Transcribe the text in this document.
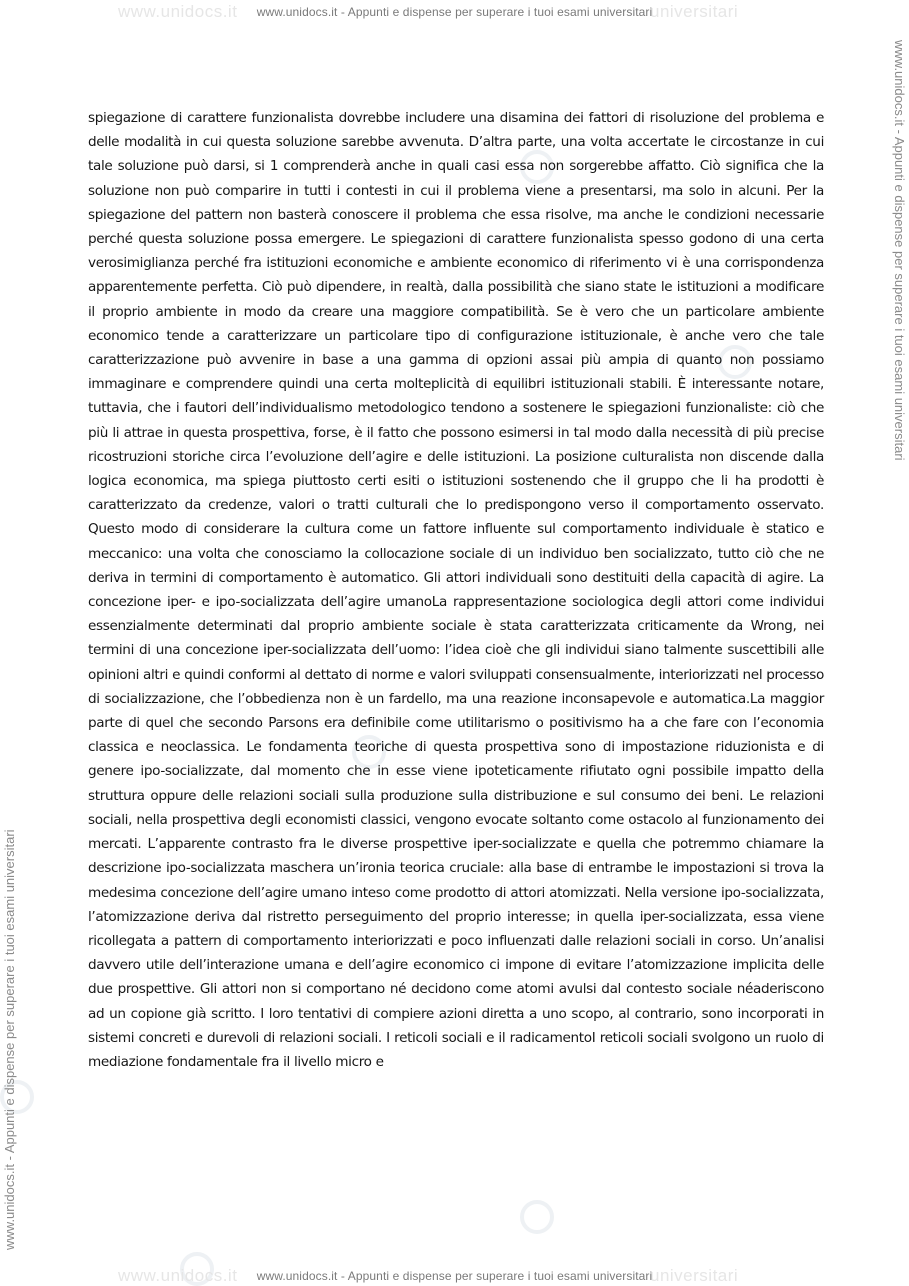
www.unidocs.it	universitari
www.unidocs.it - Appunti e dispense per superare i tuoi esami universitari
www.unidocs.it - Appunti e dispense per superare i tuoi esami universitari
www.unidocs.it - Appunti e dispense per superare i tuoi esami universitari

spiegazione di carattere funzionalista dovrebbe includere una disamina dei fattori di risoluzione del problema e delle modalità in cui questa soluzione sarebbe avvenuta. D’altra parte, una volta accertate le circostanze in cui tale soluzione può darsi, si 1 comprenderà anche in quali casi essa non sorgerebbe affatto. Ciò significa che la soluzione non può comparire in tutti i contesti in cui il problema viene a presentarsi, ma solo in alcuni. Per la spiegazione del pattern non basterà conoscere il problema che essa risolve, ma anche le condizioni necessarie perché questa soluzione possa emergere. Le spiegazioni di carattere funzionalista spesso godono di una certa verosimiglianza perché fra istituzioni economiche e ambiente economico di riferimento vi è una corrispondenza apparentemente perfetta. Ciò può dipendere, in realtà, dalla possibilità che siano state le istituzioni a modificare il proprio ambiente in modo da creare una maggiore compatibilità. Se è vero che un particolare ambiente economico tende a caratterizzare un particolare tipo di configurazione istituzionale, è anche vero che tale caratterizzazione può avvenire in base a una gamma di opzioni assai più ampia di quanto non possiamo immaginare e comprendere quindi una certa molteplicità di equilibri istituzionali stabili. È interessante notare, tuttavia, che i fautori dell’individualismo metodologico tendono a sostenere le spiegazioni funzionaliste: ciò che più li attrae in questa prospettiva, forse, è il fatto che possono esimersi in tal modo dalla necessità di più precise ricostruzioni storiche circa l’evoluzione dell’agire e delle istituzioni. La posizione culturalista non discende dalla logica economica, ma spiega piuttosto certi esiti o istituzioni sostenendo che il gruppo che li ha prodotti è caratterizzato da credenze, valori o tratti culturali che lo predispongono verso il comportamento osservato. Questo modo di considerare la cultura come un fattore influente sul comportamento individuale è statico e meccanico: una volta che conosciamo la collocazione sociale di un individuo ben socializzato, tutto ciò che ne deriva in termini di comportamento è automatico. Gli attori individuali sono destituiti della capacità di agire. La concezione iper- e ipo-socializzata dell’agire umanoLa rappresentazione sociologica degli attori come individui essenzialmente determinati dal proprio ambiente sociale è stata caratterizzata criticamente da Wrong, nei termini di una concezione iper-socializzata dell’uomo: l’idea cioè che gli individui siano talmente suscettibili alle opinioni altri e quindi conformi al dettato di norme e valori sviluppati consensualmente, interiorizzati nel processo di socializzazione, che l’obbedienza non è un fardello, ma una reazione inconsapevole e automatica.La maggior parte di quel che secondo Parsons era definibile come utilitarismo o positivismo ha a che fare con l’economia classica e neoclassica. Le fondamenta teoriche di questa prospettiva sono di impostazione riduzionista e di genere ipo-socializzate, dal momento che in esse viene ipoteticamente rifiutato ogni possibile impatto della struttura oppure delle relazioni sociali sulla produzione sulla distribuzione e sul consumo dei beni. Le relazioni sociali, nella prospettiva degli economisti classici, vengono evocate soltanto come ostacolo al funzionamento dei mercati. L’apparente contrasto fra le diverse prospettive iper-socializzate e quella che potremmo chiamare la descrizione ipo-socializzata maschera un’ironia teorica cruciale: alla base di entrambe le impostazioni si trova la medesima concezione dell’agire umano inteso come prodotto di attori atomizzati. Nella versione ipo-socializzata, l’atomizzazione deriva dal ristretto perseguimento del proprio interesse; in quella iper-socializzata, essa viene ricollegata a pattern di comportamento interiorizzati e poco influenzati dalle relazioni sociali in corso. Un’analisi davvero utile dell’interazione umana e dell’agire economico ci impone di evitare l’atomizzazione implicita delle due prospettive. Gli attori non si comportano né decidono come atomi avulsi dal contesto sociale néaderiscono ad un copione già scritto. I loro tentativi di compiere azioni diretta a uno scopo, al contrario, sono incorporati in sistemi concreti e durevoli di relazioni sociali. I reticoli sociali e il radicamentoI reticoli sociali svolgono un ruolo di mediazione fondamentale fra il livello micro e

www.unidocs.it	universitari
www.unidocs.it - Appunti e dispense per superare i tuoi esami universitari
